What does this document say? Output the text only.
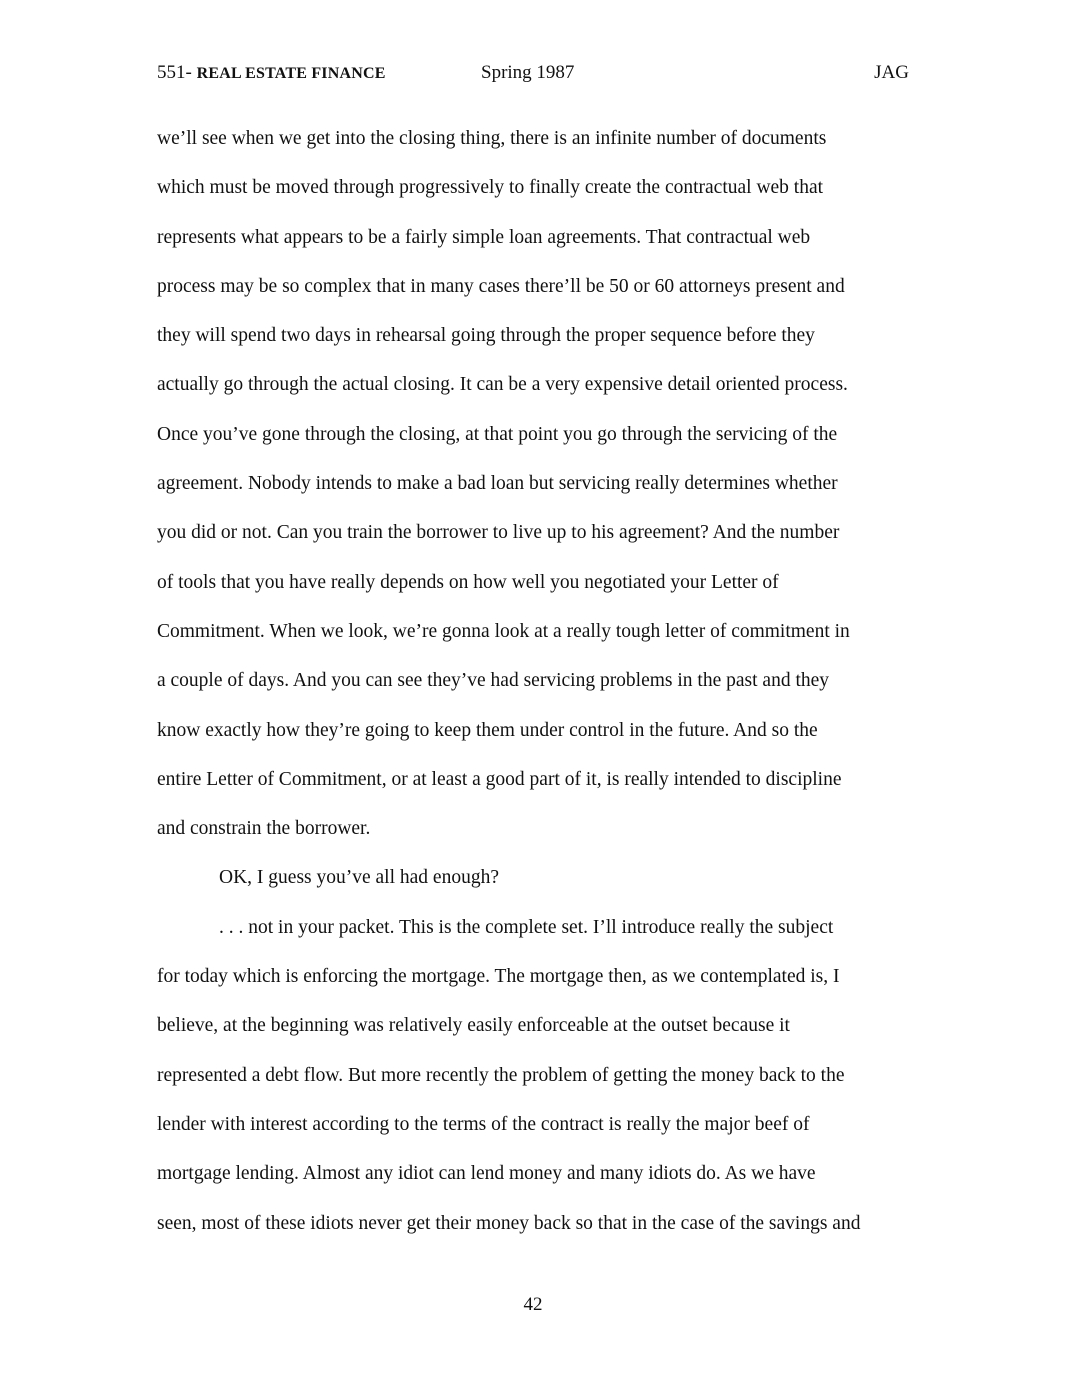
551- REAL ESTATE FINANCE	Spring 1987	JAG
we’ll see when we get into the closing thing, there is an infinite number of documents
which must be moved through progressively to finally create the contractual web that
represents what appears to be a fairly simple loan agreements. That contractual web
process may be so complex that in many cases there’ll be 50 or 60 attorneys present and
they will spend two days in rehearsal going through the proper sequence before they
actually go through the actual closing. It can be a very expensive detail oriented process.
Once you’ve gone through the closing, at that point you go through the servicing of the
agreement. Nobody intends to make a bad loan but servicing really determines whether
you did or not. Can you train the borrower to live up to his agreement? And the number
of tools that you have really depends on how well you negotiated your Letter of
Commitment. When we look, we’re gonna look at a really tough letter of commitment in
a couple of days. And you can see they’ve had servicing problems in the past and they
know exactly how they’re going to keep them under control in the future. And so the
entire Letter of Commitment, or at least a good part of it, is really intended to discipline
and constrain the borrower.
OK, I guess you’ve all had enough?
. . . not in your packet. This is the complete set. I’ll introduce really the subject
for today which is enforcing the mortgage. The mortgage then, as we contemplated is, I
believe, at the beginning was relatively easily enforceable at the outset because it
represented a debt flow. But more recently the problem of getting the money back to the
lender with interest according to the terms of the contract is really the major beef of
mortgage lending. Almost any idiot can lend money and many idiots do. As we have
seen, most of these idiots never get their money back so that in the case of the savings and
42
